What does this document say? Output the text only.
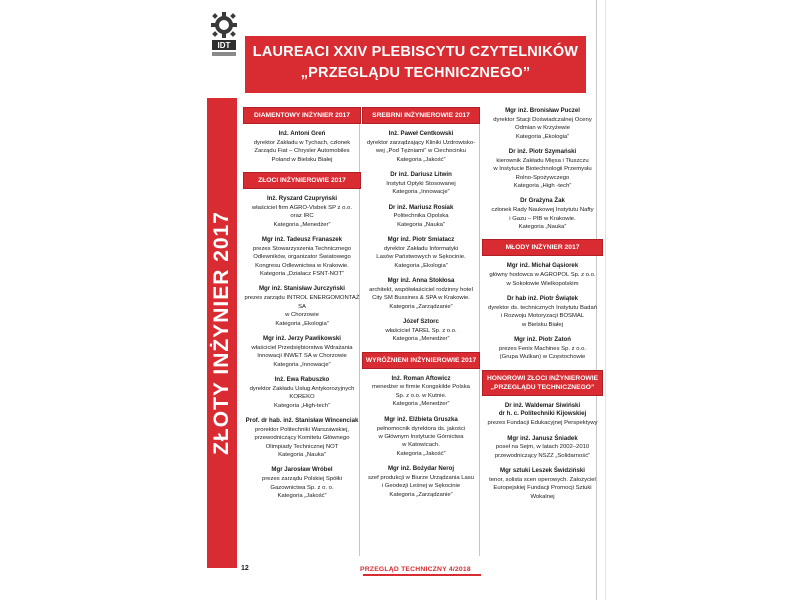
IDT	LAUREACI XXIV PLEBISCYTU CZYTELNIKÓW
„PRZEGLĄDU TECHNICZNEGO”
ZŁOTY INŻYNIER 2017
DIAMENTOWY INŻYNIER 2017
Inż. Antoni Greń
dyrektor Zakładu w Tychach, członek
Zarządu Fiat – Chrysler Automobiles
Poland w Bielsku Białej
ZŁOCI INŻYNIEROWIE 2017
Inż. Ryszard Czupryński
właściciel firm AGRO-Visbek SP z o.o.
oraz IRC
Kategoria „Menedżer”
Mgr inż. Tadeusz Franaszek
prezes Stowarzyszenia Technicznego
Odlewników, organizator Światowego
Kongresu Odlewnictwa w Krakowie.
Kategoria „Działacz FSNT-NOT”
Mgr inż. Stanisław Jurczyński
prezes zarządu INTROL ENERGOMONTAŻ SA
w Chorzowie
Kategoria „Ekologia”
Mgr inż. Jerzy Pawlikowski
właściciel Przedsiębiorstwa Wdrażania
Innowacji INWET SA w Chorzowie
Kategoria „Innowacje”
Inż. Ewa Rabuszko
dyrektor Zakładu Usług Antykorozyjnych
KOREKO
Kategoria „High-tech”
Prof. dr hab. inż. Stanisław Wincenciak
prorektor Politechniki Warszawskiej,
przewodniczący Komitetu Głównego
Olimpiady Technicznej NOT
Kategoria „Nauka”
Mgr Jarosław Wróbel
prezes zarządu Polskiej Spółki
Gazownictwa Sp. z o. o.
Kategoria „Jakość”
SREBRNI INŻYNIEROWIE 2017
Inż. Paweł Centkowski
dyrektor zarządzający Kliniki Uzdrowisko-
wej „Pod Tężniami” w Ciechocinku
Kategoria „Jakość”
Dr inż. Dariusz Litwin
Instytut Optyki Stosowanej
Kategoria „Innowacje”
Dr inż. Mariusz Rosiak
Politechnika Opolska
Kategoria „Nauka”
Mgr inż. Piotr Smiatacz
dyrektor Zakładu Informatyki
Lasów Państwowych w Sękocinie.
Kategoria „Ekologia”
Mgr inż. Anna Stokłosa
architekt, współwłaściciel rodzinny hotel
City SM Bussines & SPA w Krakowie.
Kategoria „Zarządzanie”
Józef Sztorc
właściciel TAREL Sp. z o.o.
Kategoria „Menedżer”
WYRÓŻNIENI INŻYNIEROWIE 2017
Inż. Roman Aftowicz
menedżer w firmie Kongskilde Polska
Sp. z o.o. w Kutnie.
Kategoria „Menedżer”
Mgr inż. Elżbieta Gruszka
pełnomocnik dyrektora ds. jakości
w Głównym Instytucie Górnictwa
w Katowicach.
Kategoria „Jakość”
Mgr inż. Bożydar Neroj
szef produkcji w Biurze Urządzania Lasu
i Geodezji Leśnej w Sękocinie
Kategoria „Zarządzanie”
Mgr inż. Bronisław Puczel
dyrektor Stacji Doświadczalnej Oceny
Odmian w Krzyżewie
Kategoria „Ekologia”
Dr inż. Piotr Szymański
kierownik Zakładu Mięsa i Tłuszczu
w Instytucie Biotechnologii Przemysłu
Rolno-Spożywczego
Kategoria „High -tech”
Dr Grażyna Żak
członek Rady Naukowej Instytutu Nafty
i Gazu – PIB w Krakowie.
Kategoria „Nauka”
MŁODY INŻYNIER 2017
Mgr inż. Michał Gąsiorek
główny hodowca w AGROPOL Sp. z o.o.
w Sokołowie Wielkopolskim
Dr hab inż. Piotr Świątek
dyrektor ds. technicznych Instytutu Badań
i Rozwoju Motoryzacji BOSMAL
w Bielsku Białej
Mgr inż. Piotr Zatoń
prezes Fenix Machines Sp. z o.o.
(Grupa Wulkan) w Częstochowie
HONOROWI ZŁOCI INŻYNIEROWIE „PRZEGLĄDU TECHNICZNEGO”
Dr inż. Waldemar Siwiński
dr h. c. Politechniki Kijowskiej
prezes Fundacji Edukacyjnej Perspektywy
Mgr inż. Janusz Śniadek
poseł na Sejm, w latach 2002–2010
przewodniczący NSZZ „Solidarność”
Mgr sztuki Leszek Świdziński
tenor, solista scen operowych. Założyciel
Europejskiej Fundacji Promocji Sztuki
Wokalnej
12	PRZEGLĄD TECHNICZNY 4/2018
